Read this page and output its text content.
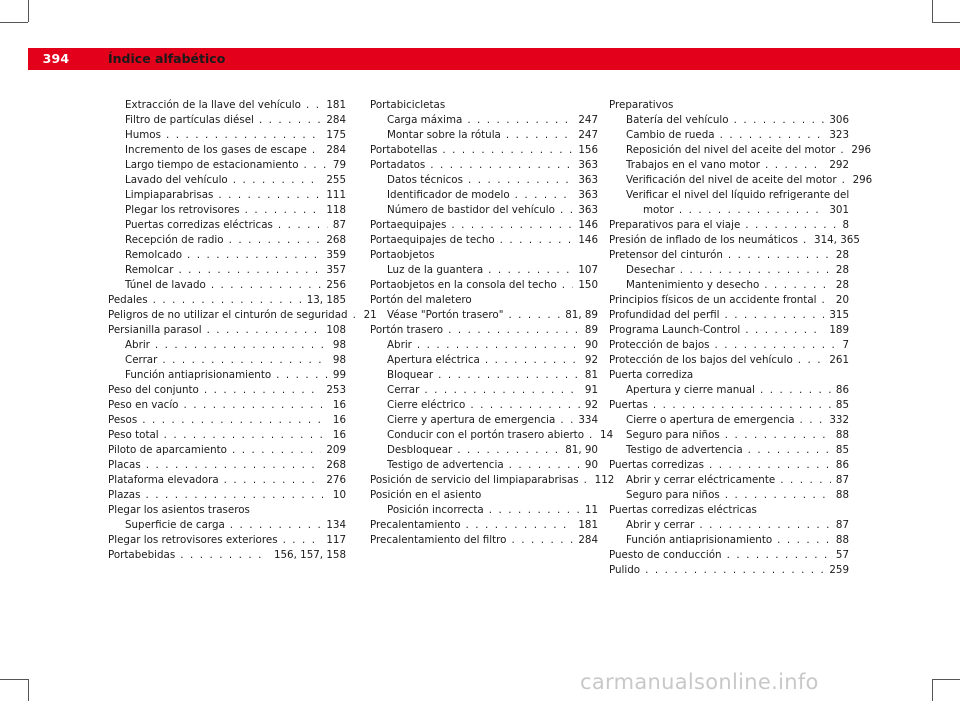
394	Índice alfabético
Extracción de la llave del vehículo . . . 181
Filtro de partículas diésel . . .	284
Humos . . .	175
Incremento de los gases de escape . . . 284
Largo tiempo de estacionamiento . . .	79
Lavado del vehículo . . .	255
Limpiaparabrisas . . .	111
Plegar los retrovisores . . .	118
Puertas corredizas eléctricas . . .	87
Recepción de radio . . .	268
Remolcado . . .	359
Remolcar . . .	357
Túnel de lavado . . .	256
Pedales . . .	13, 185
Peligros de no utilizar el cinturón de seguridad . . . 21
Persianilla parasol . . .	108
Abrir . . .	98
Cerrar . . .	98
Función antiaprisionamiento . . .	99
Peso del conjunto . . .	253
Peso en vacío . . .	16
Pesos . . .	16
Peso total . . .	16
Piloto de aparcamiento . . .	209
Placas . . .	268
Plataforma elevadora . . .	276
Plazas . . .	10
Plegar los asientos traseros
Superficie de carga . . .	134
Plegar los retrovisores exteriores . . .	117
Portabebidas . . .	156, 157, 158
Portabicicletas
Carga máxima . . .	247
Montar sobre la rótula . . .	247
Portabotellas . . .	156
Portadatos . . .	363
Datos técnicos . . .	363
Identificador de modelo . . .	363
Número de bastidor del vehículo . . . 363
Portaequipajes . . .	146
Portaequipajes de techo . . .	146
Portaobjetos
Luz de la guantera . . .	107
Portaobjetos en la consola del techo . . . 150
Portón del maletero
Véase "Portón trasero" . . .	81, 89
Portón trasero . . .	89
Abrir . . .	90
Apertura eléctrica . . .	92
Bloquear . . .	81
Cerrar . . .	91
Cierre eléctrico . . .	92
Cierre y apertura de emergencia . . . 334
Conducir con el portón trasero abierto . . . 14
Desbloquear . . .	81, 90
Testigo de advertencia . . .	90
Posición de servicio del limpiaparabrisas . . . 112
Posición en el asiento
Posición incorrecta . . .	11
Precalentamiento . . .	181
Precalentamiento del filtro . . .	284
Preparativos
Batería del vehículo . . .	306
Cambio de rueda . . .	323
Reposición del nivel del aceite del motor . . . 296
Trabajos en el vano motor . . .	292
Verificación del nivel de aceite del motor . . . 296
Verificar el nivel del líquido refrigerante del
motor . . .	301
Preparativos para el viaje . . .	8
Presión de inflado de los neumáticos . . . 314, 365
Pretensor del cinturón . . .	28
Desechar . . .	28
Mantenimiento y desecho . . .	28
Principios físicos de un accidente frontal . . . 20
Profundidad del perfil . . .	315
Programa Launch-Control . . .	189
Protección de bajos . . .	7
Protección de los bajos del vehículo . . .	261
Puerta corrediza
Apertura y cierre manual . . .	86
Puertas . . .	85
Cierre o apertura de emergencia . . .	332
Seguro para niños . . .	88
Testigo de advertencia . . .	85
Puertas corredizas . . .	86
Abrir y cerrar eléctricamente . . .	87
Seguro para niños . . .	88
Puertas corredizas eléctricas
Abrir y cerrar . . .	87
Función antiaprisionamiento . . .	88
Puesto de conducción . . .	57
Pulido . . .	259
carmanualsonline.info
